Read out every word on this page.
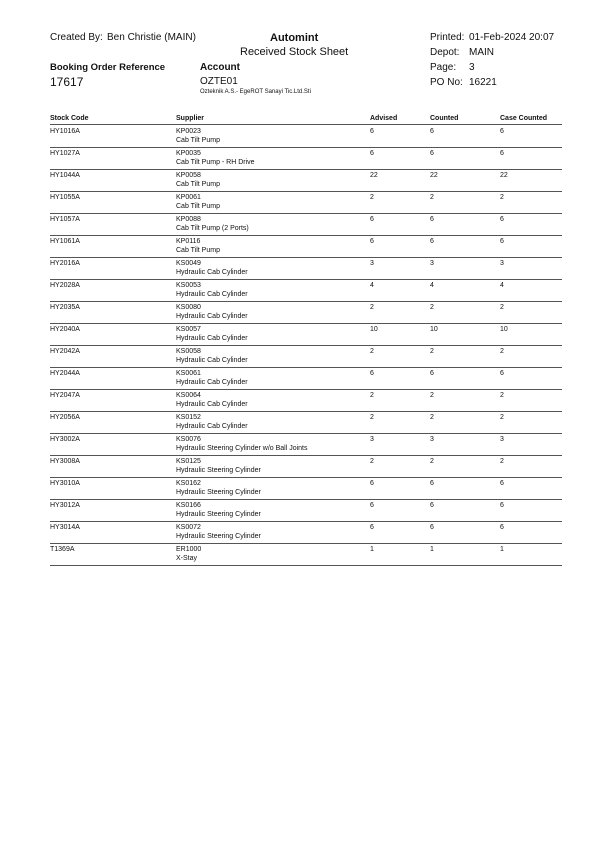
Created By: Ben Christie (MAIN)	Automint
Received Stock Sheet
Printed: 01-Feb-2024 20:07
Depot: MAIN
Page: 3
PO No: 16221
Booking Order Reference
17617
Account
OZTE01
Ozteknik A.S.- EgeROT Sanayi Tic.Ltd.Sti
Stock Code	Supplier	Advised	Counted	Case Counted
HY1016A	KP0023	6	6	6
Cab Tilt Pump
HY1027A	KP0035	6	6	6
Cab Tilt Pump - RH Drive
HY1044A	KP0058	22	22	22
Cab Tilt Pump
HY1055A	KP0061	2	2	2
Cab Tilt Pump
HY1057A	KP0088	6	6	6
Cab Tilt Pump (2 Ports)
HY1061A	KP0116	6	6	6
Cab Tilt Pump
HY2016A	KS0049	3	3	3
Hydraulic Cab Cylinder
HY2028A	KS0053	4	4	4
Hydraulic Cab Cylinder
HY2035A	KS0080	2	2	2
Hydraulic Cab Cylinder
HY2040A	KS0057	10	10	10
Hydraulic Cab Cylinder
HY2042A	KS0058	2	2	2
Hydraulic Cab Cylinder
HY2044A	KS0061	6	6	6
Hydraulic Cab Cylinder
HY2047A	KS0064	2	2	2
Hydraulic Cab Cylinder
HY2056A	KS0152	2	2	2
Hydraulic Cab Cylinder
HY3002A	KS0076	3	3	3
Hydraulic Steering Cylinder w/o Ball Joints
HY3008A	KS0125	2	2	2
Hydraulic Steering Cylinder
HY3010A	KS0162	6	6	6
Hydraulic Steering Cylinder
HY3012A	KS0166	6	6	6
Hydraulic Steering Cylinder
HY3014A	KS0072	6	6	6
Hydraulic Steering Cylinder
T1369A	ER1000	1	1	1
X-Stay
